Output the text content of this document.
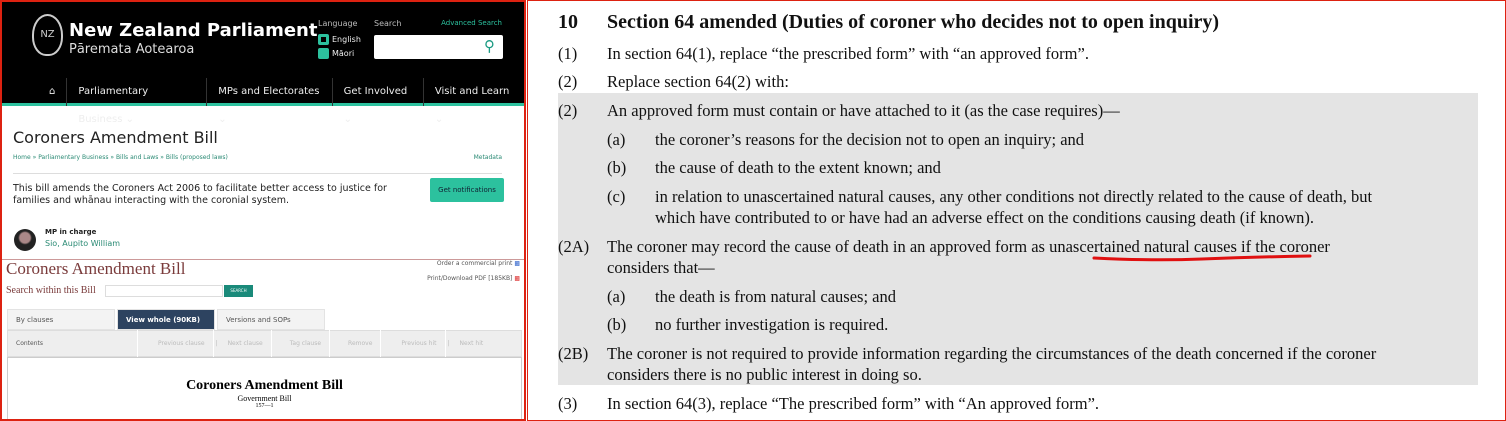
NZ New Zealand Parliament
Pāremata Aotearoa
Language
English
Māori
Search	Advanced Search
⚲
⌂	Parliamentary Business ⌄
MPs and Electorates ⌄
Get Involved ⌄
Visit and Learn ⌄
Coroners Amendment Bill
Home » Parliamentary Business » Bills and Laws » Bills (proposed laws)	Metadata
This bill amends the Coroners Act 2006 to facilitate better access to justice for families and whānau interacting with the coronial system.
Get notifications
MP in charge
Sio, Aupito William
Coroners Amendment Bill	Order a commercial print ▩
Print/Download PDF [185KB] ▩
Search within this Bill	SEARCH
By clauses	View whole (90KB)	Versions and SOPs
Contents	Previous clause	|	Next clause	Tag clause	Remove	Previous hit	|	Next hit
Coroners Amendment Bill
Government Bill
157—1
10 Section 64 amended (Duties of coroner who decides not to open inquiry)
(1) In section 64(1), replace “the prescribed form” with “an approved form”.
(2) Replace section 64(2) with:
(2) An approved form must contain or have attached to it (as the case requires)—
(a) the coroner’s reasons for the decision not to open an inquiry; and
(b) the cause of death to the extent known; and
(c) in relation to unascertained natural causes, any other conditions not directly related to the cause of death, but
which have contributed to or have had an adverse effect on the conditions causing death (if known).
(2A) The coroner may record the cause of death in an approved form as unascertained natural causes if the coroner
considers that—
(a) the death is from natural causes; and
(b) no further investigation is required.
(2B) The coroner is not required to provide information regarding the circumstances of the death concerned if the coroner
considers there is no public interest in doing so.
(3) In section 64(3), replace “The prescribed form” with “An approved form”.
